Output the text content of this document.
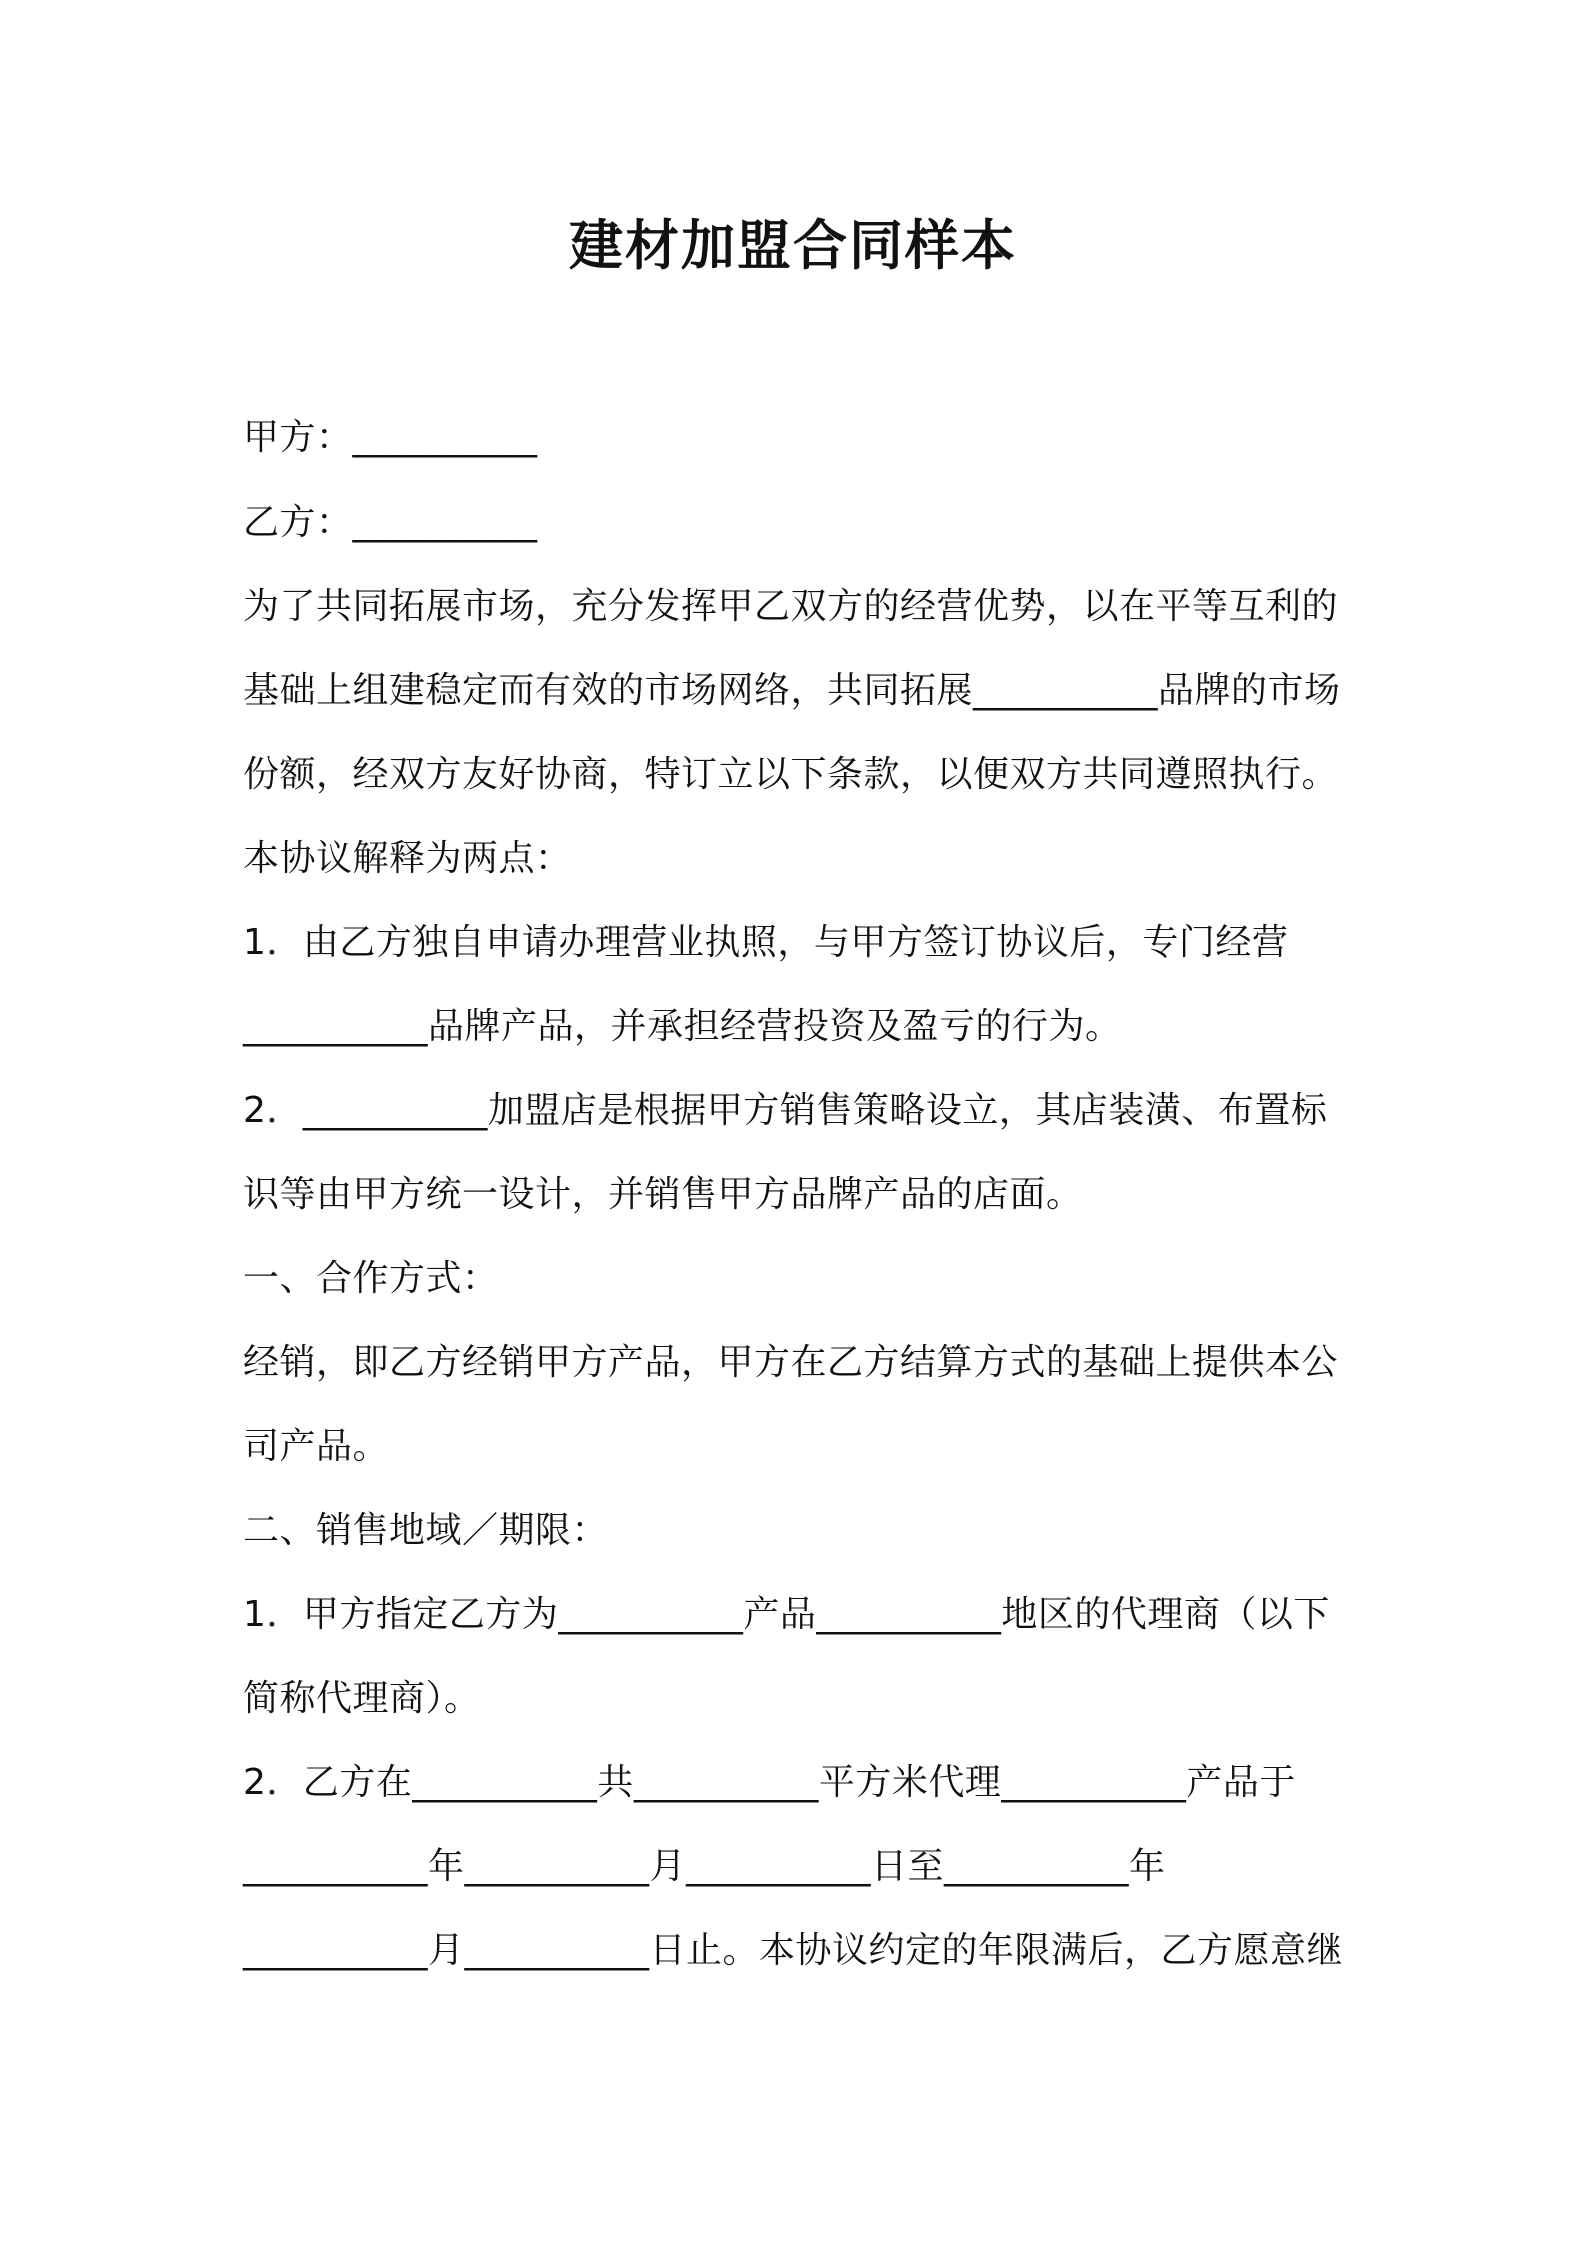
建材加盟合同样本
甲方：__________
乙方：__________
为了共同拓展市场，充分发挥甲乙双方的经营优势，以在平等互利的
基础上组建稳定而有效的市场网络，共同拓展__________品牌的市场
份额，经双方友好协商，特订立以下条款，以便双方共同遵照执行。
本协议解释为两点：
1．由乙方独自申请办理营业执照，与甲方签订协议后，专门经营
__________品牌产品，并承担经营投资及盈亏的行为。
2．__________加盟店是根据甲方销售策略设立，其店装潢、布置标
识等由甲方统一设计，并销售甲方品牌产品的店面。
一、合作方式：
经销，即乙方经销甲方产品，甲方在乙方结算方式的基础上提供本公
司产品。
二、销售地域／期限：
1．甲方指定乙方为__________产品__________地区的代理商（以下
简称代理商）。
2．乙方在__________共__________平方米代理__________产品于
__________年__________月__________日至__________年
__________月__________日止。本协议约定的年限满后，乙方愿意继
